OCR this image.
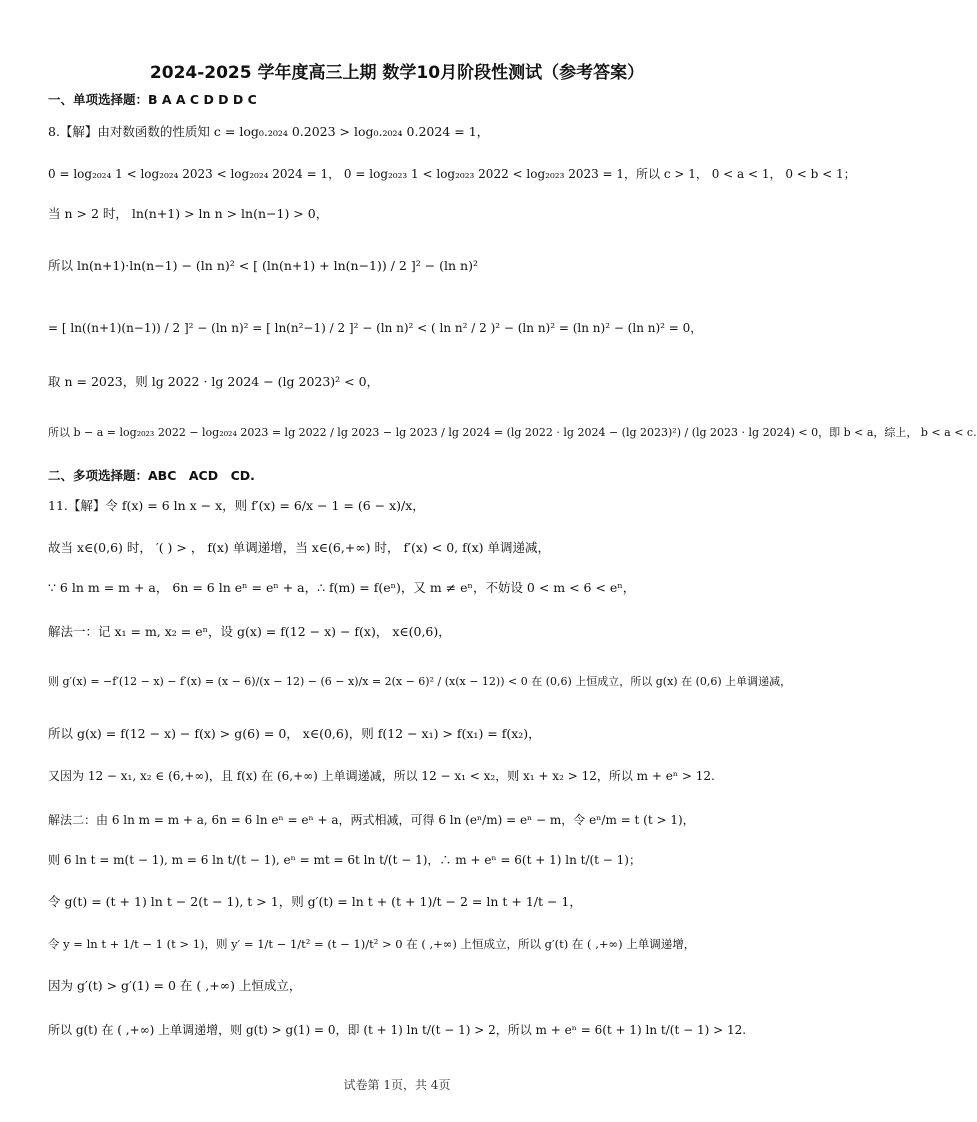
2024-2025 学年度高三上期 数学10月阶段性测试（参考答案）
一、单项选择题：B A A C D D D C
8.【解】由对数函数的性质知 c = log₀.₂₀₂₄ 0.2023 > log₀.₂₀₂₄ 0.2024 = 1，
0 = log₂₀₂₄ 1 < log₂₀₂₄ 2023 < log₂₀₂₄ 2024 = 1， 0 = log₂₀₂₃ 1 < log₂₀₂₃ 2022 < log₂₀₂₃ 2023 = 1，所以 c > 1， 0 < a < 1， 0 < b < 1；
当 n > 2 时， ln(n+1) > ln n > ln(n−1) > 0，
所以 ln(n+1)·ln(n−1) − (ln n)² < [ (ln(n+1) + ln(n−1)) / 2 ]² − (ln n)²
= [ ln((n+1)(n−1)) / 2 ]² − (ln n)² = [ ln(n²−1) / 2 ]² − (ln n)² < ( ln n² / 2 )² − (ln n)² = (ln n)² − (ln n)² = 0，
取 n = 2023，则 lg 2022 · lg 2024 − (lg 2023)² < 0，
所以 b − a = log₂₀₂₃ 2022 − log₂₀₂₄ 2023 = lg 2022 / lg 2023 − lg 2023 / lg 2024 = (lg 2022 · lg 2024 − (lg 2023)²) / (lg 2023 · lg 2024) < 0，即 b < a，综上， b < a < c.
二、多项选择题：ABC　ACD　CD.
11.【解】令 f(x) = 6 ln x − x，则 f′(x) = 6/x − 1 = (6 − x)/x，
故当 x∈(0,6) 时， ′( ) > ， f(x) 单调递增，当 x∈(6,+∞) 时， f′(x) < 0, f(x) 单调递减，
∵ 6 ln m = m + a， 6n = 6 ln eⁿ = eⁿ + a，∴ f(m) = f(eⁿ)，又 m ≠ eⁿ，不妨设 0 < m < 6 < eⁿ，
解法一：记 x₁ = m, x₂ = eⁿ，设 g(x) = f(12 − x) − f(x)， x∈(0,6)，
则 g′(x) = −f′(12 − x) − f′(x) = (x − 6)/(x − 12) − (6 − x)/x = 2(x − 6)² / (x(x − 12)) < 0 在 (0,6) 上恒成立，所以 g(x) 在 (0,6) 上单调递减，
所以 g(x) = f(12 − x) − f(x) > g(6) = 0， x∈(0,6)，则 f(12 − x₁) > f(x₁) = f(x₂)，
又因为 12 − x₁, x₂ ∈ (6,+∞)，且 f(x) 在 (6,+∞) 上单调递减，所以 12 − x₁ < x₂，则 x₁ + x₂ > 12，所以 m + eⁿ > 12.
解法二：由 6 ln m = m + a, 6n = 6 ln eⁿ = eⁿ + a，两式相减，可得 6 ln (eⁿ/m) = eⁿ − m，令 eⁿ/m = t (t > 1)，
则 6 ln t = m(t − 1), m = 6 ln t/(t − 1), eⁿ = mt = 6t ln t/(t − 1)，∴ m + eⁿ = 6(t + 1) ln t/(t − 1)；
令 g(t) = (t + 1) ln t − 2(t − 1), t > 1，则 g′(t) = ln t + (t + 1)/t − 2 = ln t + 1/t − 1，
令 y = ln t + 1/t − 1 (t > 1)，则 y′ = 1/t − 1/t² = (t − 1)/t² > 0 在 ( ,+∞) 上恒成立，所以 g′(t) 在 ( ,+∞) 上单调递增，
因为 g′(t) > g′(1) = 0 在 ( ,+∞) 上恒成立，
所以 g(t) 在 ( ,+∞) 上单调递增，则 g(t) > g(1) = 0，即 (t + 1) ln t/(t − 1) > 2，所以 m + eⁿ = 6(t + 1) ln t/(t − 1) > 12.
试卷第 1页，共 4页
